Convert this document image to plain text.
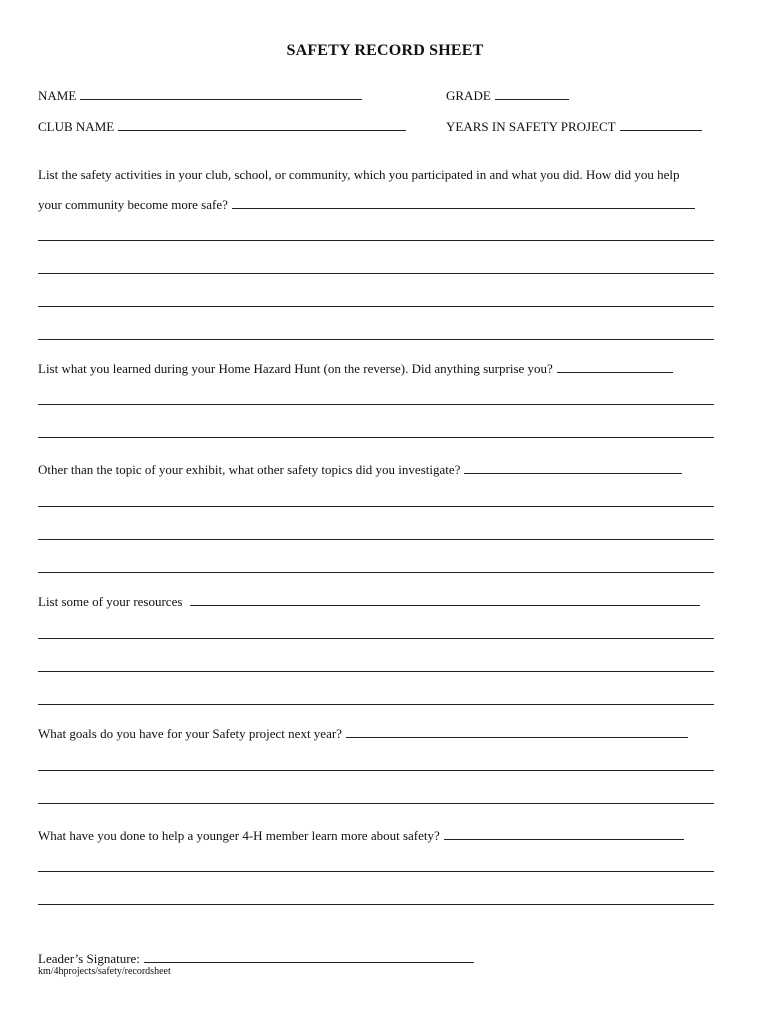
SAFETY RECORD SHEET
NAME	GRADE
CLUB NAME	YEARS IN SAFETY PROJECT
List the safety activities in your club, school, or community, which you participated in and what you did. How did you help
your community become more safe?
List what you learned during your Home Hazard Hunt (on the reverse). Did anything surprise you?
Other than the topic of your exhibit, what other safety topics did you investigate?
List some of your resources
What goals do you have for your Safety project next year?
What have you done to help a younger 4-H member learn more about safety?
Leader’s Signature:
km/4hprojects/safety/recordsheet
